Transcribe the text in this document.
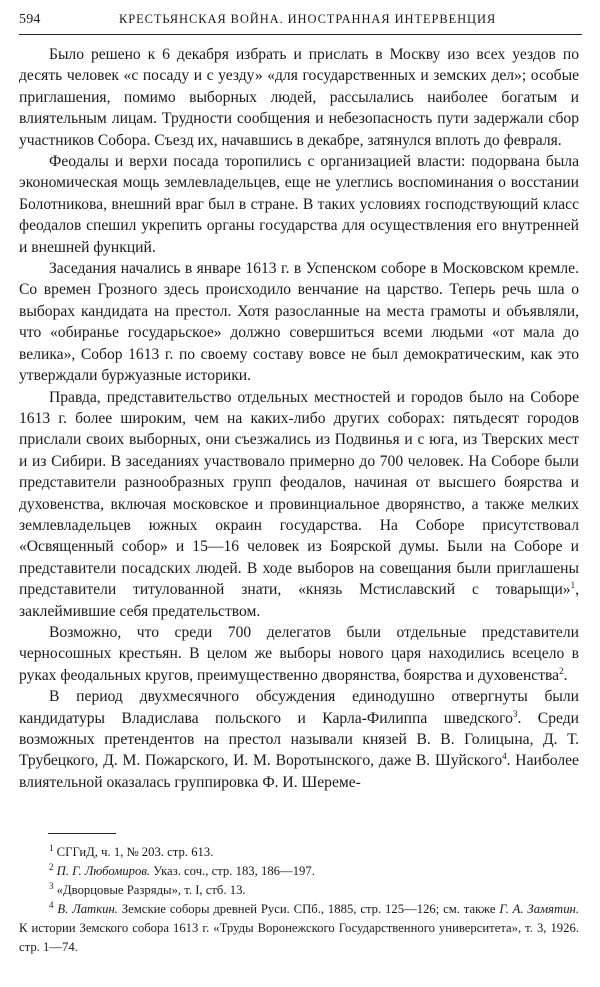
594	КРЕСТЬЯНСКАЯ ВОЙНА. ИНОСТРАННАЯ ИНТЕРВЕНЦИЯ

Было решено к 6 декабря избрать и прислать в Москву изо всех уездов по десять человек «с посаду и с уезду» «для государственных и земских дел»; особые приглашения, помимо выборных людей, рассылались наиболее богатым и влиятельным лицам. Трудности сообщения и небезопасность пути задержали сбор участников Собора. Съезд их, начавшись в декабре, затянулся вплоть до февраля.

Феодалы и верхи посада торопились с организацией власти: подорвана была экономическая мощь землевладельцев, еще не улеглись воспоминания о восстании Болотникова, внешний враг был в стране. В таких условиях господствующий класс феодалов спешил укрепить органы государства для осуществления его внутренней и внешней функций.

Заседания начались в январе 1613 г. в Успенском соборе в Московском кремле. Со времен Грозного здесь происходило венчание на царство. Теперь речь шла о выборах кандидата на престол. Хотя разосланные на места грамоты и объявляли, что «обиранье государьское» должно совершиться всеми людьми «от мала до велика», Собор 1613 г. по своему составу вовсе не был демократическим, как это утверждали буржуазные историки.

Правда, представительство отдельных местностей и городов было на Соборе 1613 г. более широким, чем на каких-либо других соборах: пятьдесят городов прислали своих выборных, они съезжались из Подвинья и с юга, из Тверских мест и из Сибири. В заседаниях участвовало примерно до 700 человек. На Соборе были представители разнообразных групп феодалов, начиная от высшего боярства и духовенства, включая московское и провинциальное дворянство, а также мелких землевладельцев южных окраин государства. На Соборе присутствовал «Освященный собор» и 15—16 человек из Боярской думы. Были на Соборе и представители посадских людей. В ходе выборов на совещания были приглашены представители титулованной знати, «князь Мстиславский с товарыщи»$^1$, заклеймившие себя предательством.

Возможно, что среди 700 делегатов были отдельные представители черносошных крестьян. В целом же выборы нового царя находились всецело в руках феодальных кругов, преимущественно дворянства, боярства и духовенства$^2$.

В период двухмесячного обсуждения единодушно отвергнуты были кандидатуры Владислава польского и Карла-Филиппа шведского$^3$. Среди возможных претендентов на престол называли князей В. В. Голицына, Д. Т. Трубецкого, Д. М. Пожарского, И. М. Воротынского, даже В. Шуйского$^4$. Наиболее влиятельной оказалась группировка Ф. И. Шереме-

$^1$ СГГиД, ч. 1, № 203. стр. 613.

$^2$ П. Г. Любомиров. Указ. соч., стр. 183, 186—197.

$^3$ «Дворцовые Разряды», т. I, стб. 13.

$^4$ В. Латкин. Земские соборы древней Руси. СПб., 1885, стр. 125—126; см. также Г. А. Замятин. К истории Земского собора 1613 г. «Труды Воронежского Государственного университета», т. 3, 1926. стр. 1—74.
